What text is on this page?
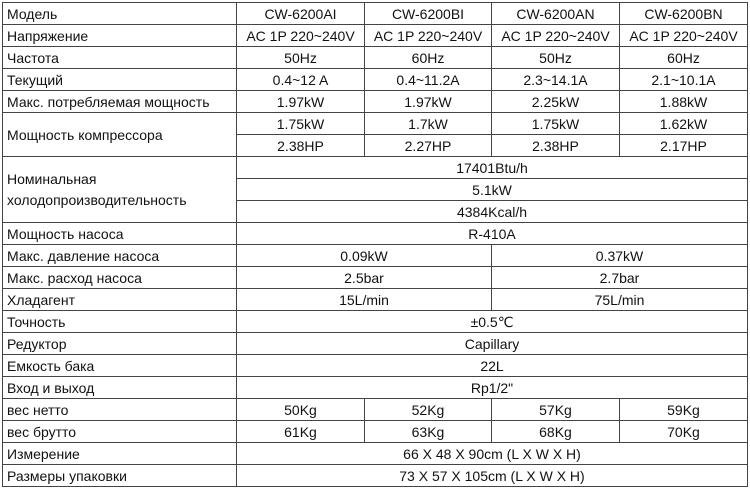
Модель	CW-6200AI	CW-6200BI	CW-6200AN	CW-6200BN
Напряжение	AC 1P 220~240V	AC 1P 220~240V	AC 1P 220~240V	AC 1P 220~240V
Частота	50Hz	60Hz	50Hz	60Hz
Текущий	0.4~12 A	0.4~11.2A	2.3~14.1A	2.1~10.1A
Макс. потребляемая мощность	1.97kW	1.97kW	2.25kW	1.88kW
Мощность компрессора	1.75kW	1.7kW	1.75kW	1.62kW
	2.38HP	2.27HP	2.38HP	2.17HP
Номинальная холодопроизводительность	17401Btu/h			
	5.1kW			
	4384Kcal/h			
Мощность насоса	R-410A			
Макс. давление насоса	0.09kW		0.37kW	
Макс. расход насоса	2.5bar		2.7bar	
Хладагент	15L/min		75L/min	
Точность	±0.5℃			
Редуктор	Capillary			
Емкость бака	22L			
Вход и выход	Rp1/2"			
вес нетто	50Kg	52Kg	57Kg	59Kg
вес брутто	61Kg	63Kg	68Kg	70Kg
Измерение	66 X 48 X 90cm (L X W X H)			
Размеры упаковки	73 X 57 X 105cm (L X W X H)			
